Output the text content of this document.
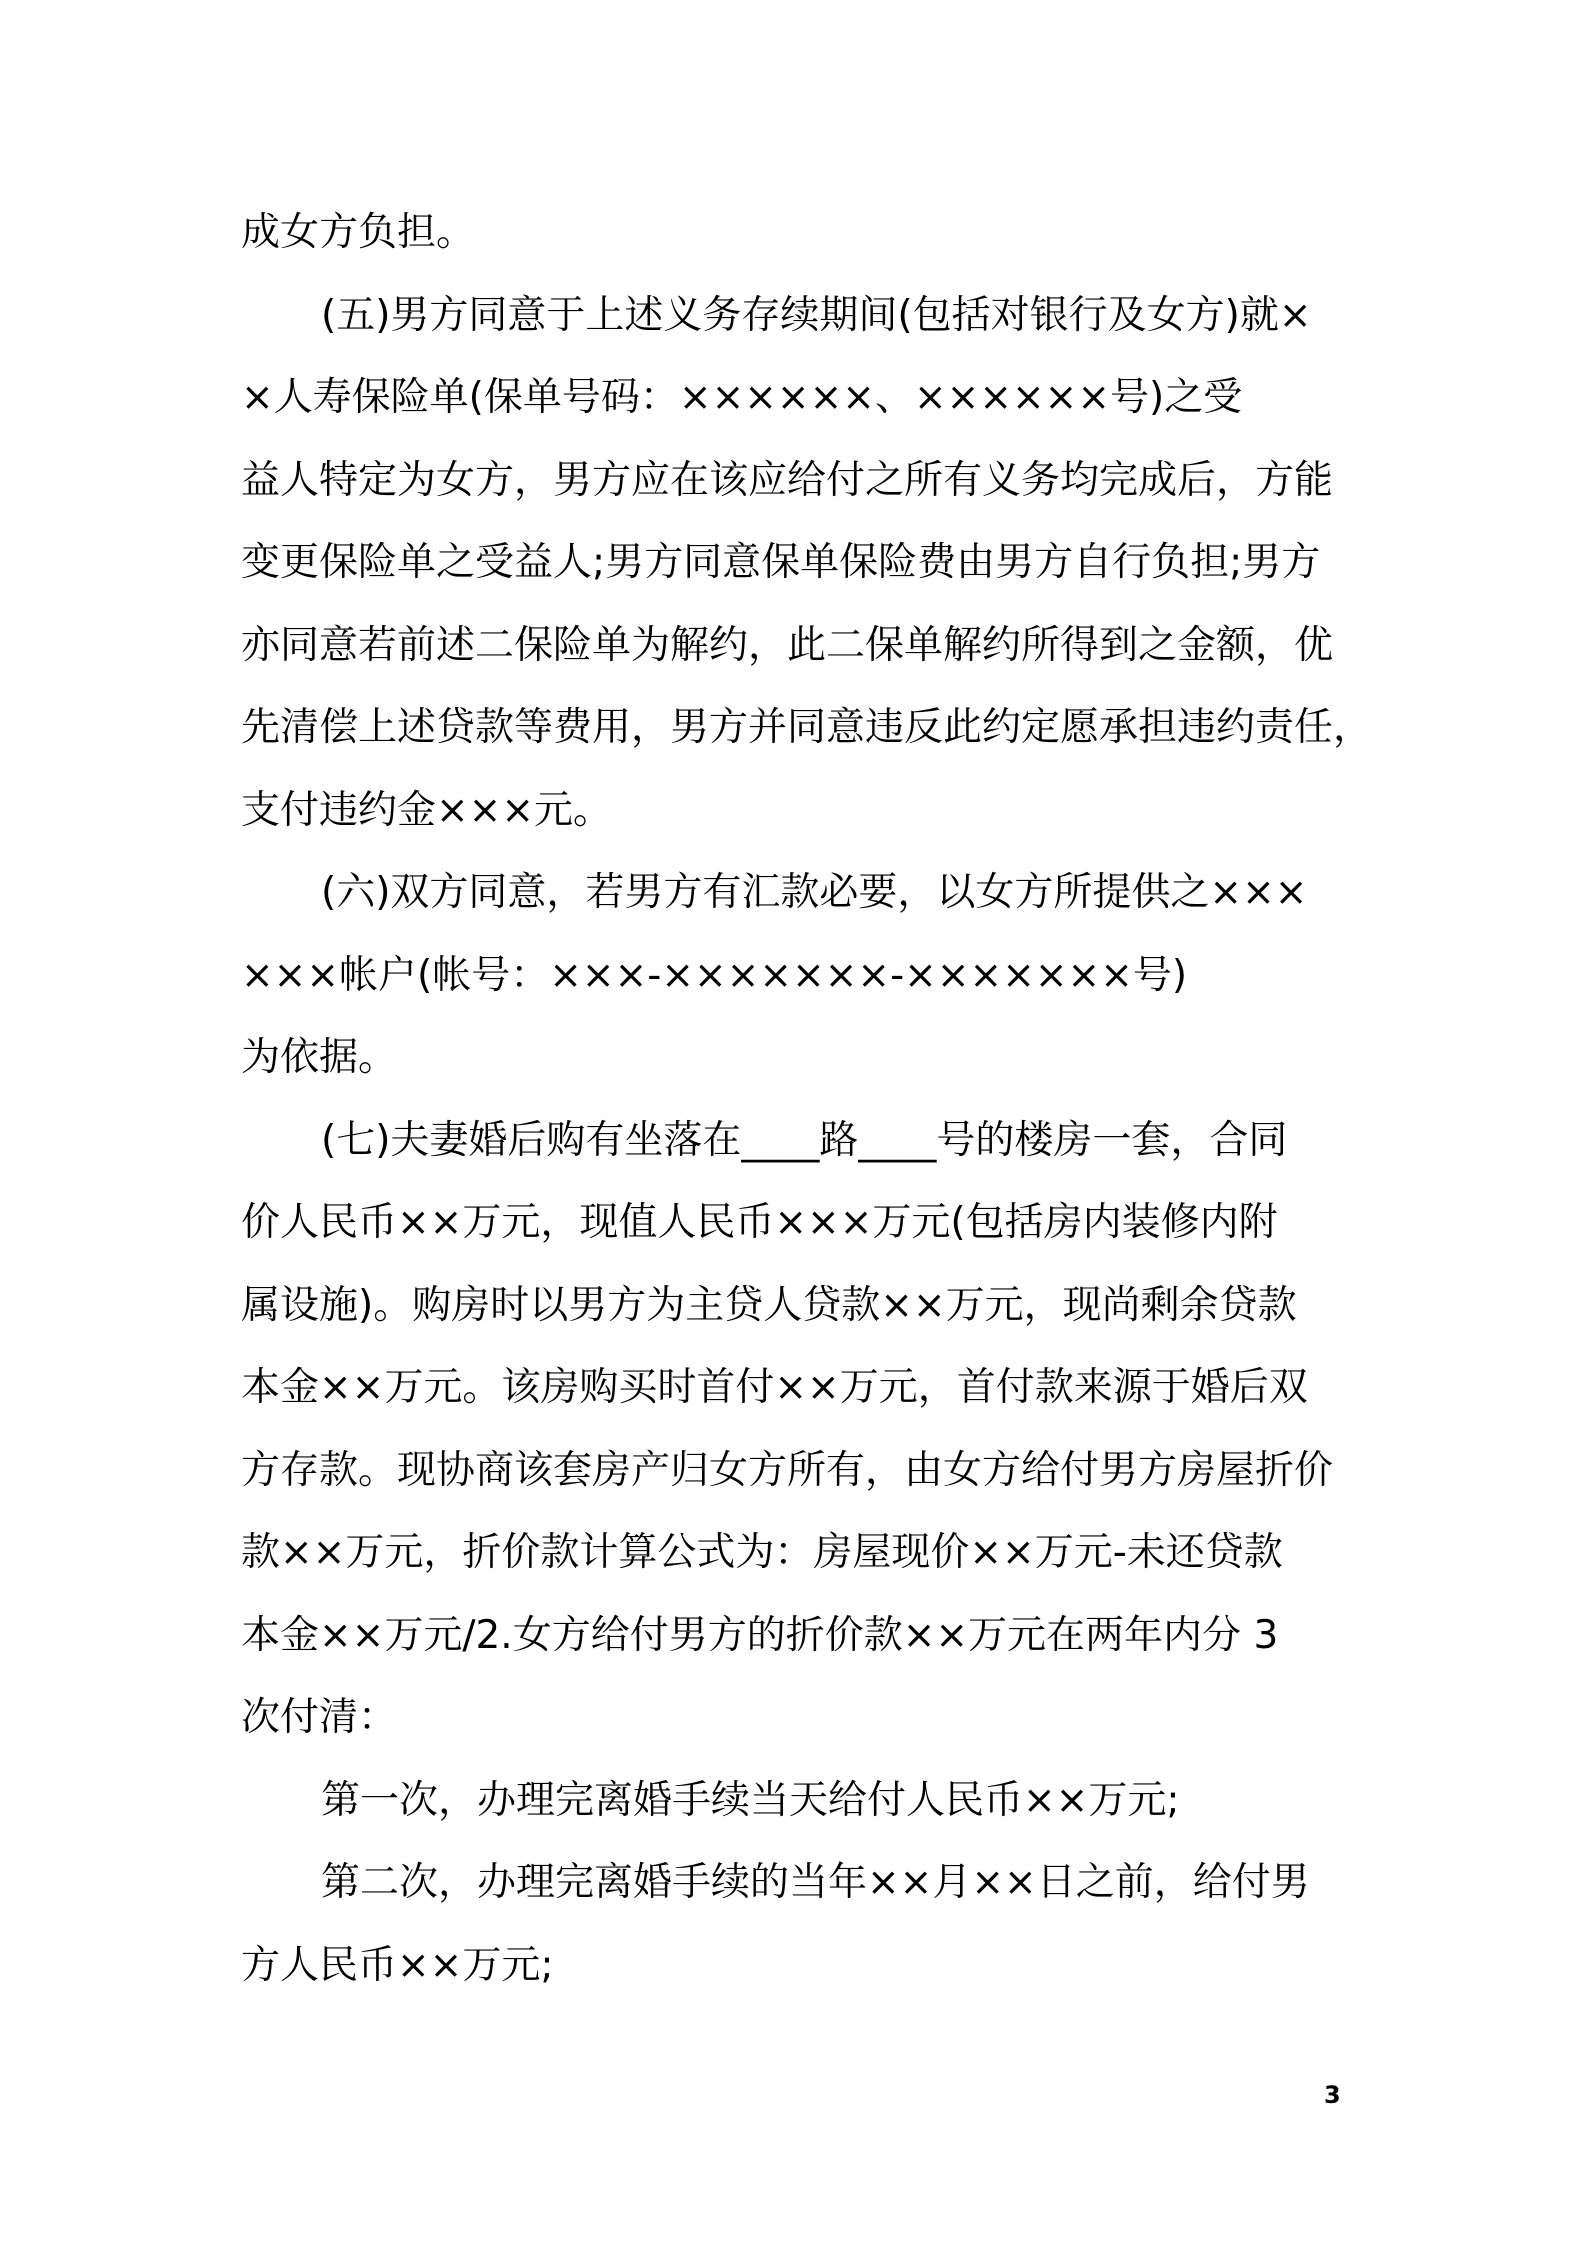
成女方负担。
(五)男方同意于上述义务存续期间(包括对银行及女方)就×
×人寿保险单(保单号码：××××××、××××××号)之受
益人特定为女方，男方应在该应给付之所有义务均完成后，方能
变更保险单之受益人;男方同意保单保险费由男方自行负担;男方
亦同意若前述二保险单为解约，此二保单解约所得到之金额，优
先清偿上述贷款等费用，男方并同意违反此约定愿承担违约责任，
支付违约金×××元。
(六)双方同意，若男方有汇款必要，以女方所提供之×××
×××帐户(帐号：×××-×××××××-×××××××号)
为依据。
(七)夫妻婚后购有坐落在____路____号的楼房一套，合同
价人民币××万元，现值人民币×××万元(包括房内装修内附
属设施)。购房时以男方为主贷人贷款××万元，现尚剩余贷款
本金××万元。该房购买时首付××万元，首付款来源于婚后双
方存款。现协商该套房产归女方所有，由女方给付男方房屋折价
款××万元，折价款计算公式为：房屋现价××万元-未还贷款
本金××万元/2.女方给付男方的折价款××万元在两年内分 3
次付清：
第一次，办理完离婚手续当天给付人民币××万元;
第二次，办理完离婚手续的当年××月××日之前，给付男
方人民币××万元;
3
